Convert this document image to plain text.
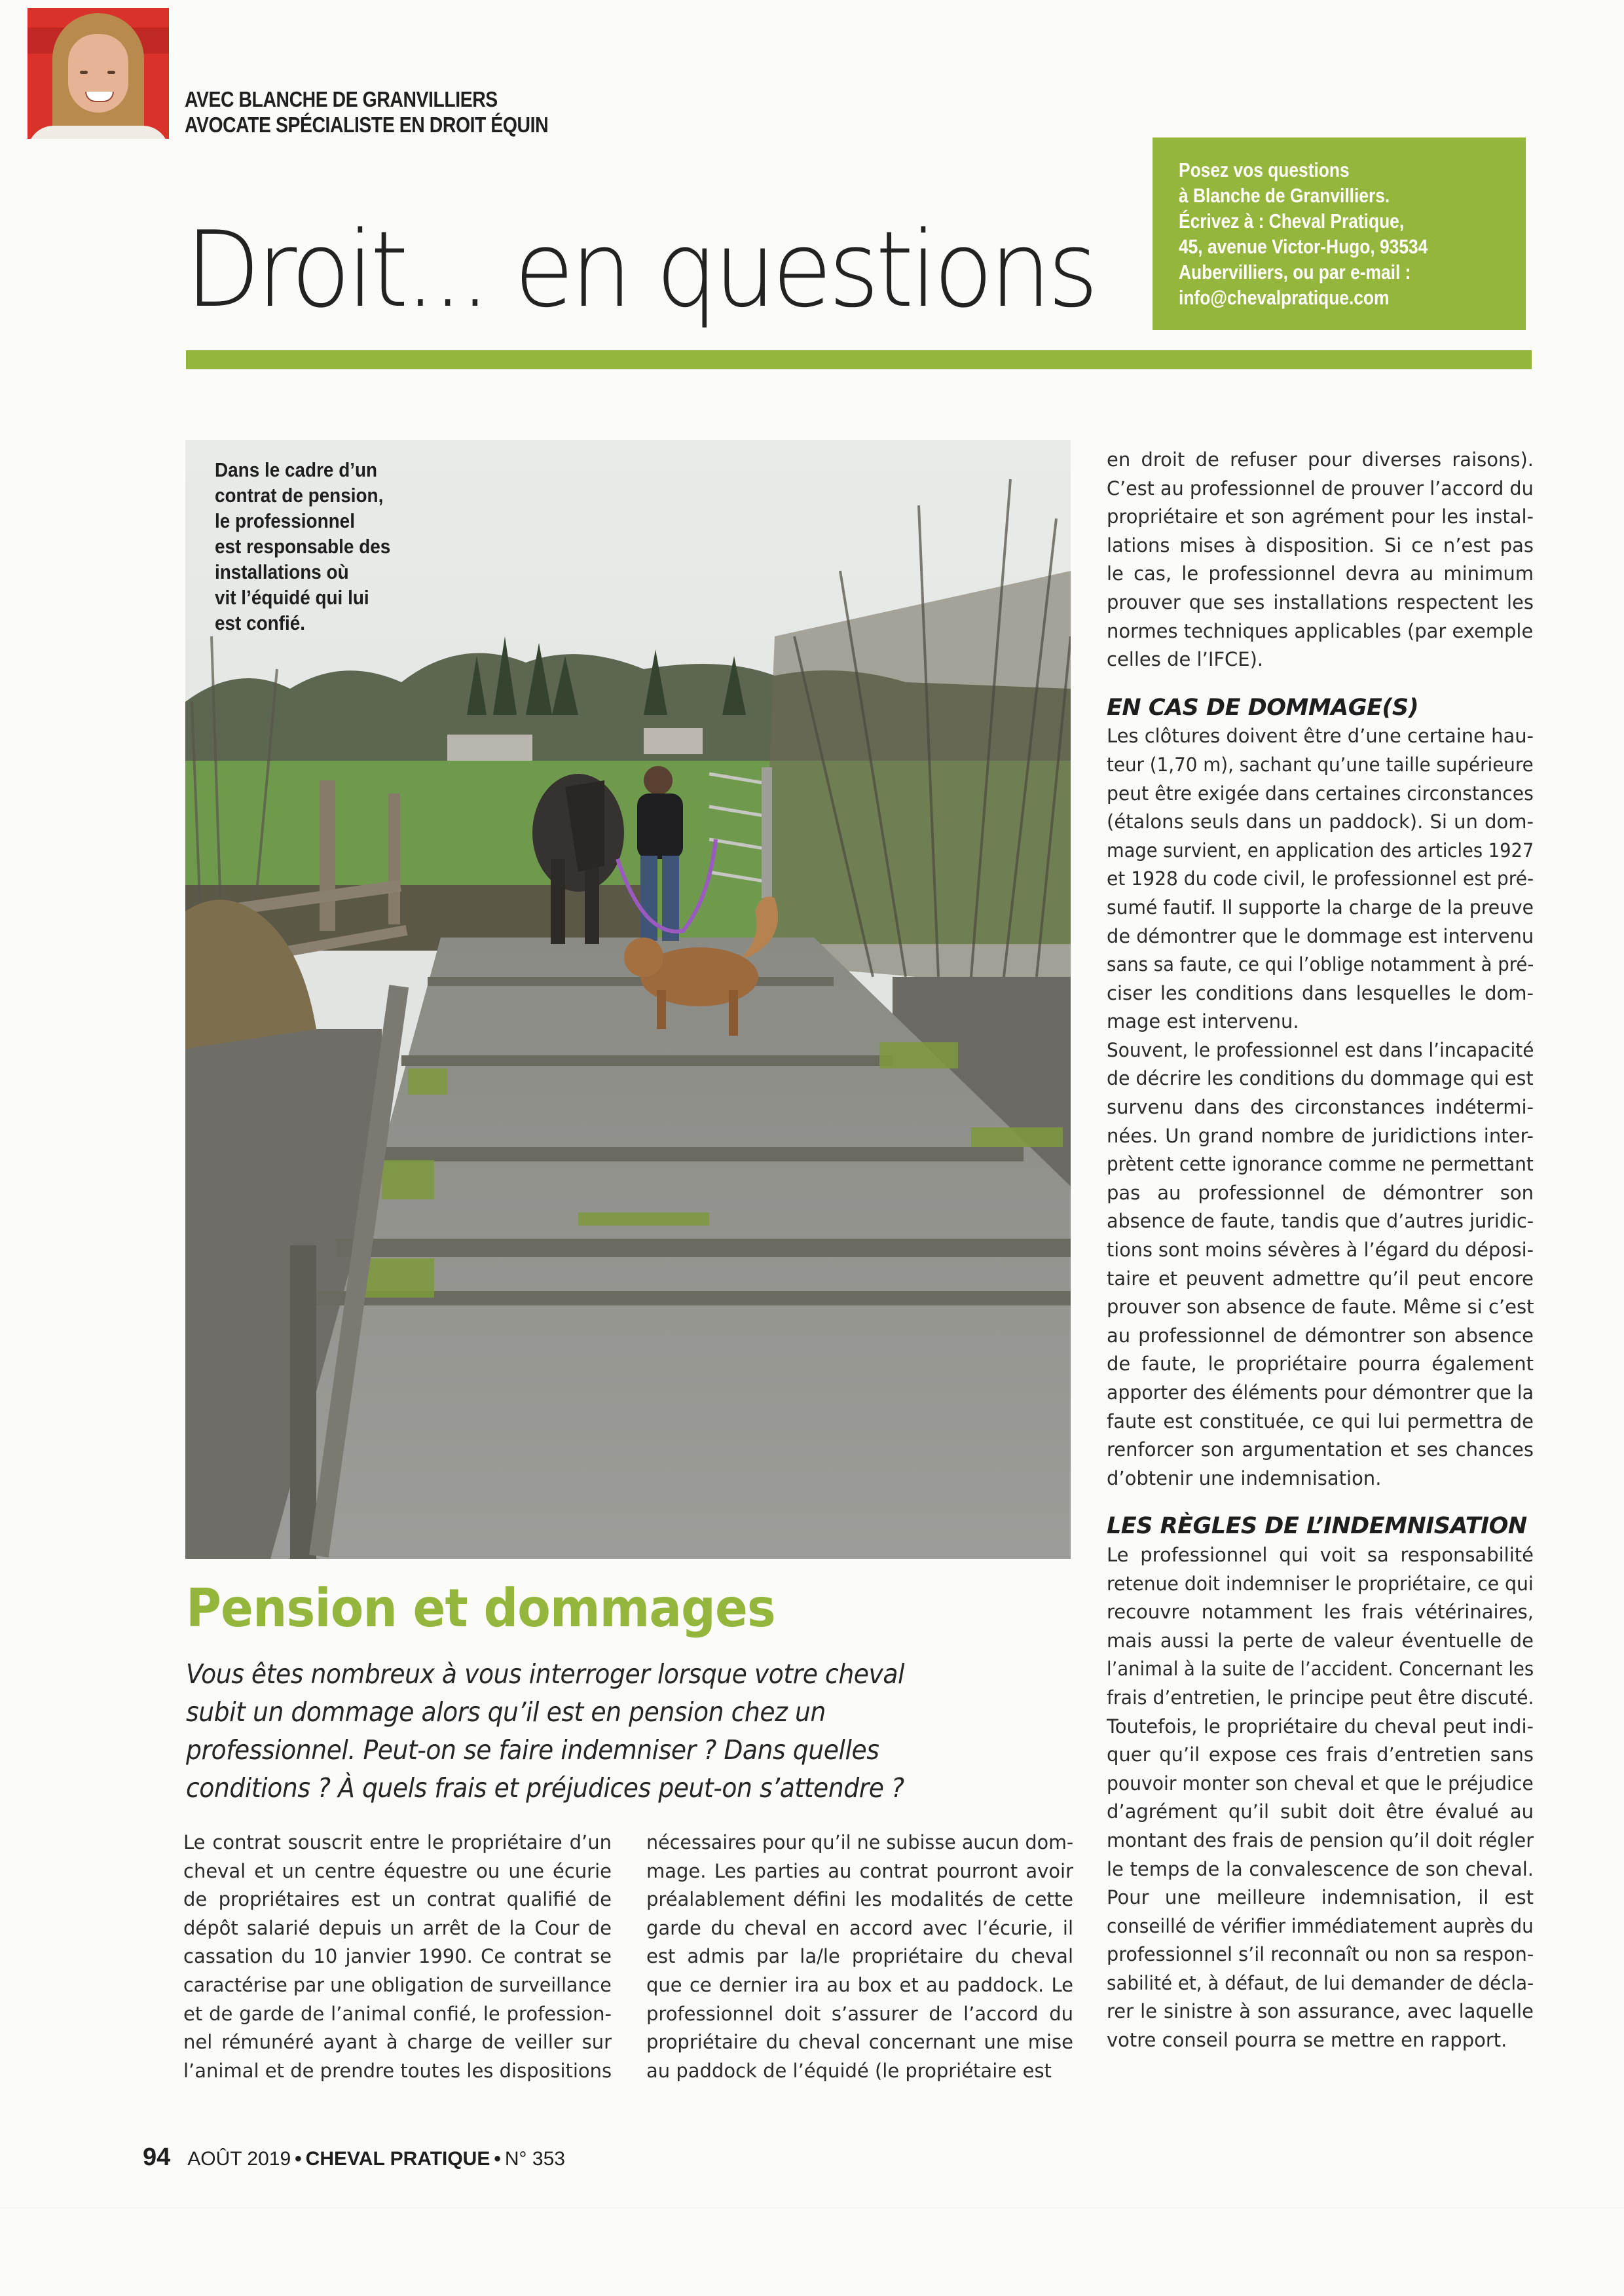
AVEC BLANCHE DE GRANVILLIERS
AVOCATE SPÉCIALISTE EN DROIT ÉQUIN
Droit... en questions
Posez vos questions
à Blanche de Granvilliers.
Écrivez à : Cheval Pratique,
45, avenue Victor-Hugo, 93534
Aubervilliers, ou par e-mail :
info@chevalpratique.com
Dans le cadre d’un
contrat de pension,
le professionnel
est responsable des
installations où
vit l’équidé qui lui
est confié.
Pension et dommages
Vous êtes nombreux à vous interroger lorsque votre cheval
subit un dommage alors qu’il est en pension chez un
professionnel. Peut-on se faire indemniser ? Dans quelles
conditions ? À quels frais et préjudices peut-on s’attendre ?
Le contrat souscrit entre le propriétaire d’un
cheval et un centre équestre ou une écurie
de propriétaires est un contrat qualifié de
dépôt salarié depuis un arrêt de la Cour de
cassation du 10 janvier 1990. Ce contrat se
caractérise par une obligation de surveillance
et de garde de l’animal confié, le profession-
nel rémunéré ayant à charge de veiller sur
l’animal et de prendre toutes les dispositions
nécessaires pour qu’il ne subisse aucun dom-
mage. Les parties au contrat pourront avoir
préalablement défini les modalités de cette
garde du cheval en accord avec l’écurie, il
est admis par la/le propriétaire du cheval
que ce dernier ira au box et au paddock. Le
professionnel doit s’assurer de l’accord du
propriétaire du cheval concernant une mise
au paddock de l’équidé (le propriétaire est
en droit de refuser pour diverses raisons).
C’est au professionnel de prouver l’accord du
propriétaire et son agrément pour les instal-
lations mises à disposition. Si ce n’est pas
le cas, le professionnel devra au minimum
prouver que ses installations respectent les
normes techniques applicables (par exemple
celles de l’IFCE).
EN CAS DE DOMMAGE(S)
Les clôtures doivent être d’une certaine hau-
teur (1,70 m), sachant qu’une taille supérieure
peut être exigée dans certaines circonstances
(étalons seuls dans un paddock). Si un dom-
mage survient, en application des articles 1927
et 1928 du code civil, le professionnel est pré-
sumé fautif. Il supporte la charge de la preuve
de démontrer que le dommage est intervenu
sans sa faute, ce qui l’oblige notamment à pré-
ciser les conditions dans lesquelles le dom-
mage est intervenu.
Souvent, le professionnel est dans l’incapacité
de décrire les conditions du dommage qui est
survenu dans des circonstances indétermi-
nées. Un grand nombre de juridictions inter-
prètent cette ignorance comme ne permettant
pas au professionnel de démontrer son
absence de faute, tandis que d’autres juridic-
tions sont moins sévères à l’égard du déposi-
taire et peuvent admettre qu’il peut encore
prouver son absence de faute. Même si c’est
au professionnel de démontrer son absence
de faute, le propriétaire pourra également
apporter des éléments pour démontrer que la
faute est constituée, ce qui lui permettra de
renforcer son argumentation et ses chances
d’obtenir une indemnisation.
LES RÈGLES DE L’INDEMNISATION
Le professionnel qui voit sa responsabilité
retenue doit indemniser le propriétaire, ce qui
recouvre notamment les frais vétérinaires,
mais aussi la perte de valeur éventuelle de
l’animal à la suite de l’accident. Concernant les
frais d’entretien, le principe peut être discuté.
Toutefois, le propriétaire du cheval peut indi-
quer qu’il expose ces frais d’entretien sans
pouvoir monter son cheval et que le préjudice
d’agrément qu’il subit doit être évalué au
montant des frais de pension qu’il doit régler
le temps de la convalescence de son cheval.
Pour une meilleure indemnisation, il est
conseillé de vérifier immédiatement auprès du
professionnel s’il reconnaît ou non sa respon-
sabilité et, à défaut, de lui demander de décla-
rer le sinistre à son assurance, avec laquelle
votre conseil pourra se mettre en rapport.
94 AOÛT 2019 • CHEVAL PRATIQUE • N° 353
